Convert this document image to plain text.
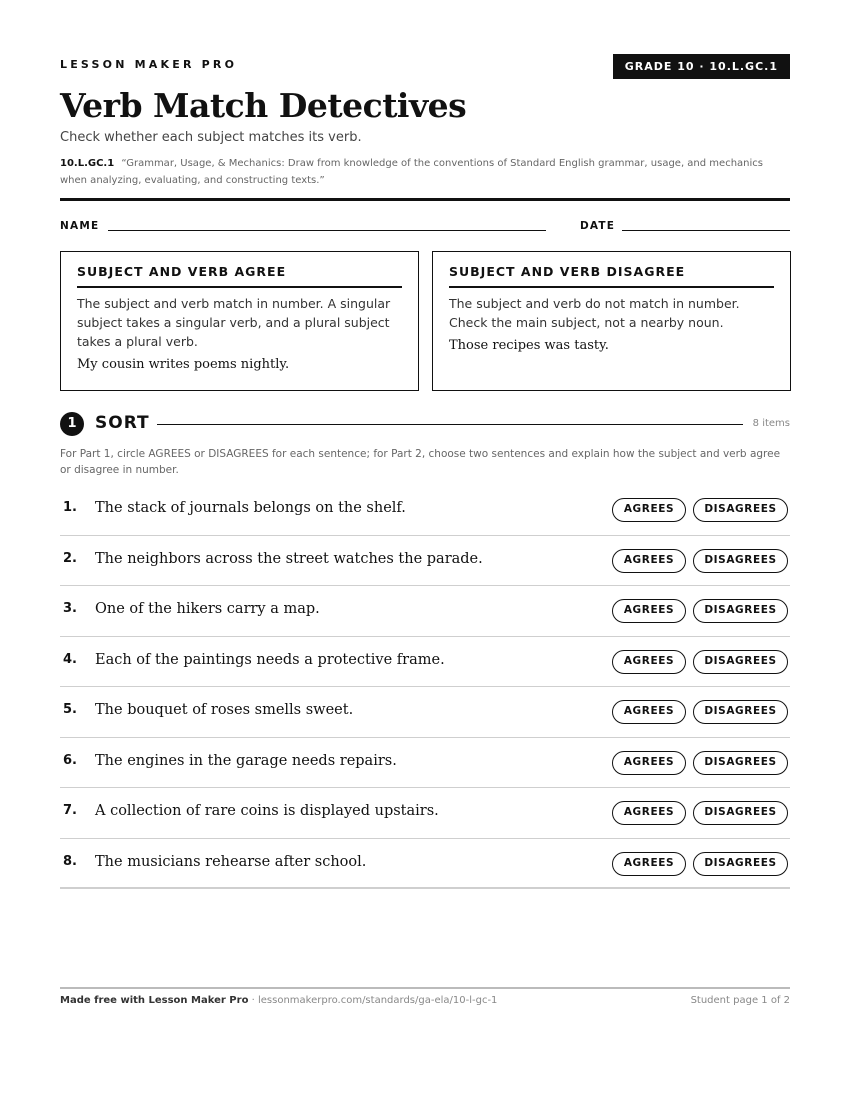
LESSON MAKER PRO	GRADE 10 · 10.L.GC.1
Verb Match Detectives
Check whether each subject matches its verb.
10.L.GC.1 “Grammar, Usage, & Mechanics: Draw from knowledge of the conventions of Standard English grammar, usage, and mechanics when analyzing, evaluating, and constructing texts.”
NAME	DATE
SUBJECT AND VERB AGREE
The subject and verb match in number. A singular subject takes a singular verb, and a plural subject takes a plural verb.
My cousin writes poems nightly.
SUBJECT AND VERB DISAGREE
The subject and verb do not match in number. Check the main subject, not a nearby noun.
Those recipes was tasty.
1	SORT	8 items
For Part 1, circle AGREES or DISAGREES for each sentence; for Part 2, choose two sentences and explain how the subject and verb agree or disagree in number.
1. The stack of journals belongs on the shelf.	AGREES	DISAGREES
2. The neighbors across the street watches the parade.	AGREES	DISAGREES
3. One of the hikers carry a map.	AGREES	DISAGREES
4. Each of the paintings needs a protective frame.	AGREES	DISAGREES
5. The bouquet of roses smells sweet.	AGREES	DISAGREES
6. The engines in the garage needs repairs.	AGREES	DISAGREES
7. A collection of rare coins is displayed upstairs.	AGREES	DISAGREES
8. The musicians rehearse after school.	AGREES	DISAGREES
Made free with Lesson Maker Pro · lessonmakerpro.com/standards/ga-ela/10-l-gc-1	Student page 1 of 2
